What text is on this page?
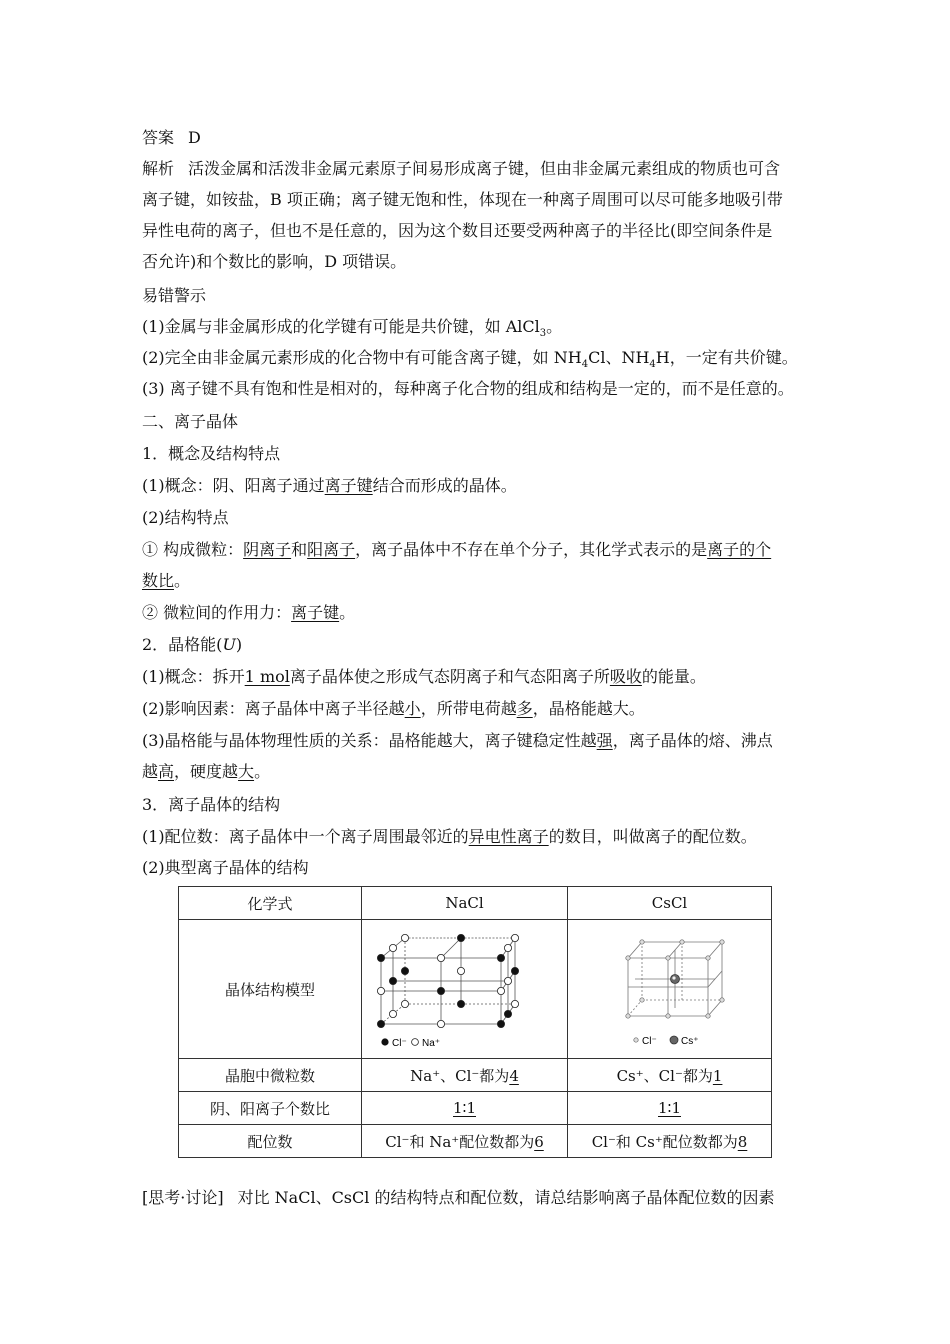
答案 D
解析 活泼金属和活泼非金属元素原子间易形成离子键，但由非金属元素组成的物质也可含
离子键，如铵盐，B 项正确；离子键无饱和性，体现在一种离子周围可以尽可能多地吸引带
异性电荷的离子，但也不是任意的，因为这个数目还要受两种离子的半径比(即空间条件是
否允许)和个数比的影响，D 项错误。
易错警示
(1)金属与非金属形成的化学键有可能是共价键，如 AlCl$_3$。
(2)完全由非金属元素形成的化合物中有可能含离子键，如 $NH_4Cl$、$NH_4H$，一定有共价键。
(3) 离子键不具有饱和性是相对的，每种离子化合物的组成和结构是一定的，而不是任意的。
二、离子晶体
1．概念及结构特点
(1)概念：阴、阳离子通过离子键结合而形成的晶体。
(2)结构特点
① 构成微粒：阴离子和阳离子，离子晶体中不存在单个分子，其化学式表示的是离子的个
数比。
② 微粒间的作用力：离子键。
2．晶格能(U)
(1)概念：拆开1 mol离子晶体使之形成气态阴离子和气态阳离子所吸收的能量。
(2)影响因素：离子晶体中离子半径越小，所带电荷越多，晶格能越大。
(3)晶格能与晶体物理性质的关系：晶格能越大，离子键稳定性越强，离子晶体的熔、沸点
越高，硬度越大。
3．离子晶体的结构
(1)配位数：离子晶体中一个离子周围最邻近的异电性离子的数目，叫做离子的配位数。
(2)典型离子晶体的结构
化学式	NaCl	CsCl
晶体结构模型	Cl⁻ Na⁺	Cl⁻ Cs⁺

晶胞中微粒数	Na⁺、Cl⁻都为4	Cs⁺、Cl⁻都为1
阴、阳离子个数比	1∶1	1∶1
配位数	Cl⁻和 Na⁺配位数都为6	Cl⁻和 Cs⁺配位数都为8
[思考·讨论] 对比 NaCl、CsCl 的结构特点和配位数，请总结影响离子晶体配位数的因素
